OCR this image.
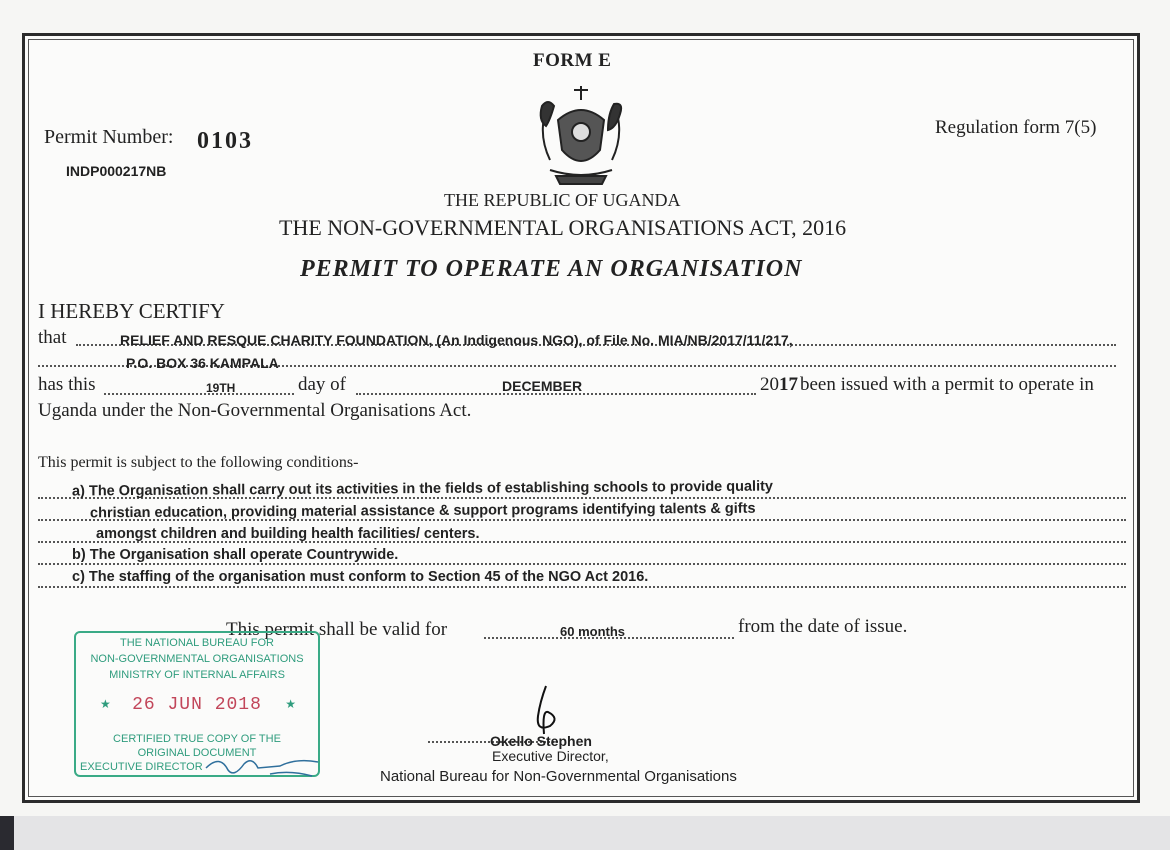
FORM E
Permit Number: 0103
INDP000217NB
Regulation form 7(5)
THE REPUBLIC OF UGANDA
THE NON-GOVERNMENTAL ORGANISATIONS ACT, 2016
PERMIT TO OPERATE AN ORGANISATION
I HEREBY CERTIFY
that	RELIEF AND RESQUE CHARITY FOUNDATION, (An Indigenous NGO), of File No. MIA/NB/2017/11/217,
P.O. BOX 36 KAMPALA
has this	19TH	day of	DECEMBER	20 17 been issued with a permit to operate in
Uganda under the Non-Governmental Organisations Act.
This permit is subject to the following conditions-
a) The Organisation shall carry out its activities in the fields of establishing schools to provide quality
christian education, providing material assistance & support programs identifying talents & gifts
amongst children and building health facilities/ centers.
b) The Organisation shall operate Countrywide.
c) The staffing of the organisation must conform to Section 45 of the NGO Act 2016.
This permit shall be valid for	60 months	from the date of issue.
THE NATIONAL BUREAU FOR
NON-GOVERNMENTAL ORGANISATIONS
MINISTRY OF INTERNAL AFFAIRS
★	26 JUN 2018	★
CERTIFIED TRUE COPY OF THE
ORIGINAL DOCUMENT
EXECUTIVE DIRECTOR
Okello Stephen
Executive Director,
National Bureau for Non-Governmental Organisations
